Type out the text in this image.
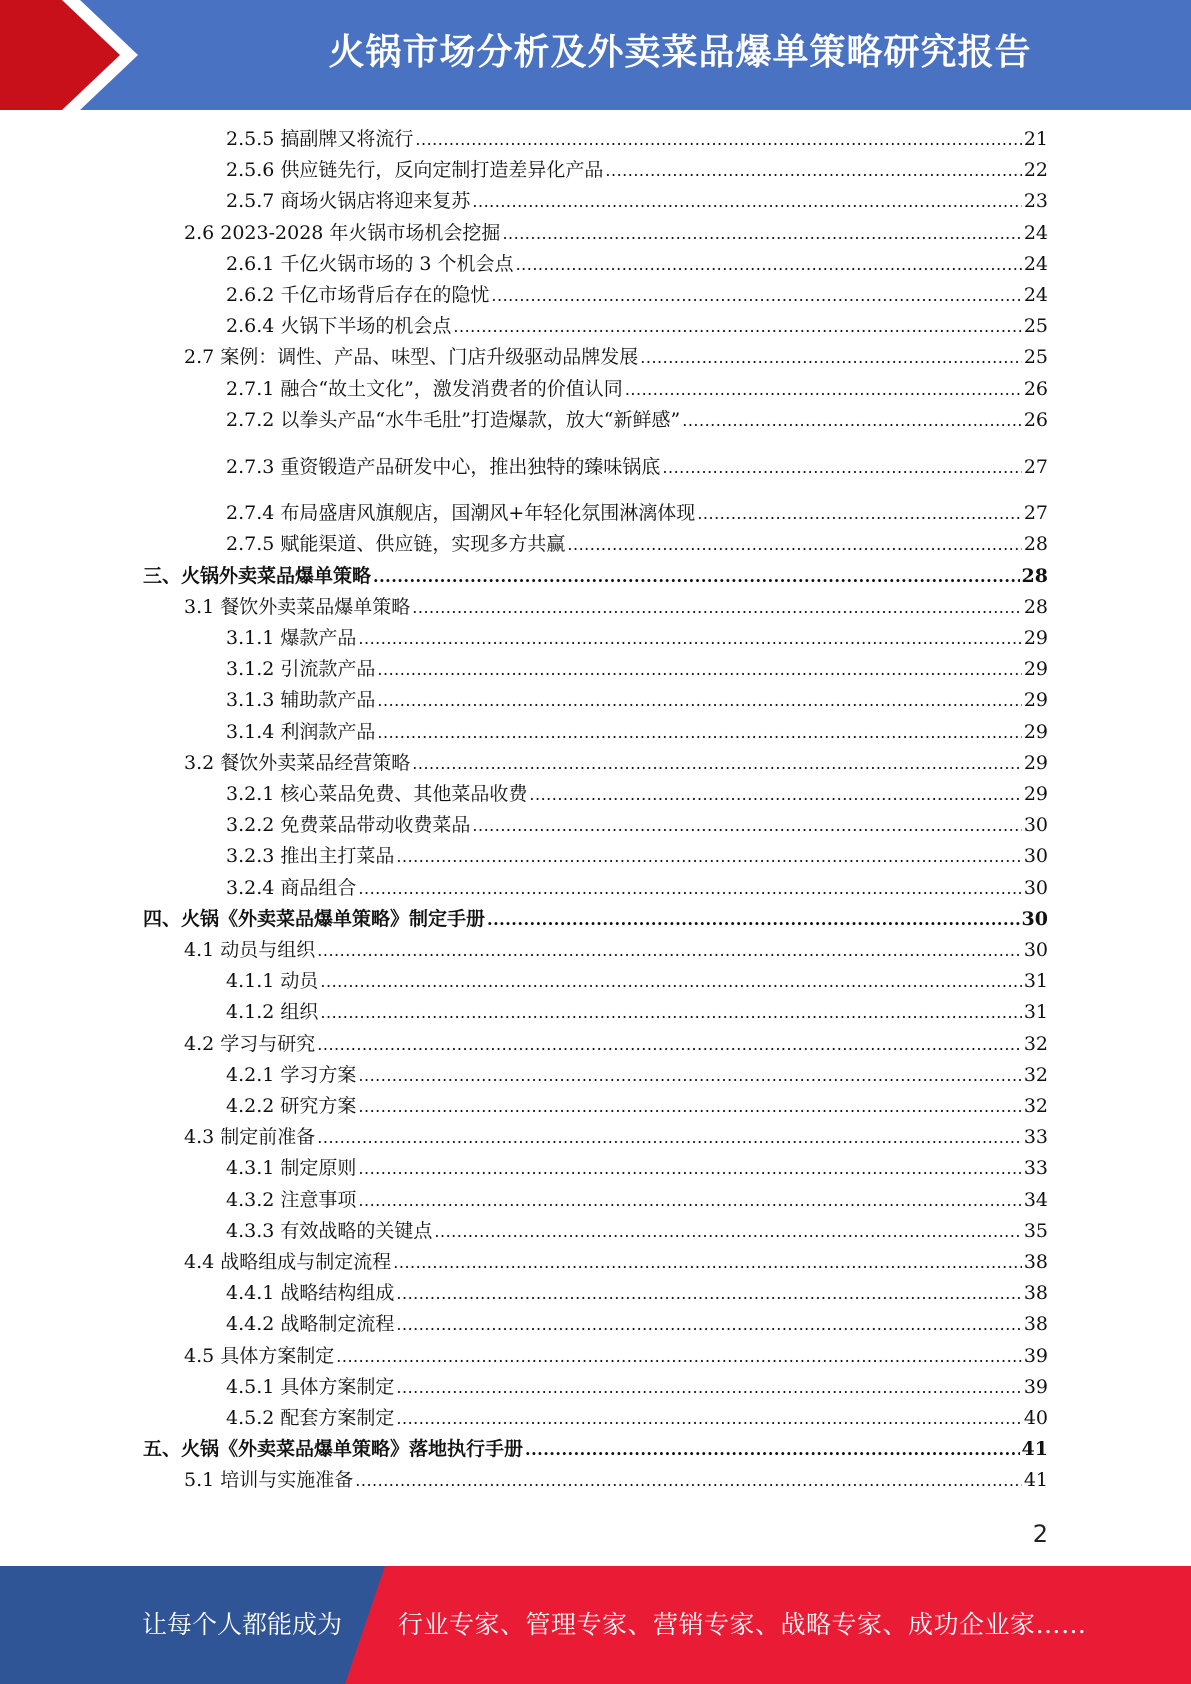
火锅市场分析及外卖菜品爆单策略研究报告
2.5.5 搞副牌又将流行 .....	21
2.5.6 供应链先行，反向定制打造差异化产品 .....	22
2.5.7 商场火锅店将迎来复苏 .....	23
2.6 2023-2028 年火锅市场机会挖掘 .....	24
2.6.1 千亿火锅市场的 3 个机会点 .....	24
2.6.2 千亿市场背后存在的隐忧 .....	24
2.6.4 火锅下半场的机会点 .....	25
2.7 案例：调性、产品、味型、门店升级驱动品牌发展 .....	25
2.7.1 融合“故土文化”，激发消费者的价值认同 .....	26
2.7.2 以拳头产品“水牛毛肚”打造爆款，放大“新鲜感” .....	26
2.7.3 重资锻造产品研发中心，推出独特的臻味锅底 .....	27
2.7.4 布局盛唐风旗舰店，国潮风+年轻化氛围淋漓体现 .....	27
2.7.5 赋能渠道、供应链，实现多方共赢 .....	28
三、火锅外卖菜品爆单策略 .....	28
3.1 餐饮外卖菜品爆单策略 .....	28
3.1.1 爆款产品 .....	29
3.1.2 引流款产品 .....	29
3.1.3 辅助款产品 .....	29
3.1.4 利润款产品 .....	29
3.2 餐饮外卖菜品经营策略 .....	29
3.2.1 核心菜品免费、其他菜品收费 .....	29
3.2.2 免费菜品带动收费菜品 .....	30
3.2.3 推出主打菜品 .....	30
3.2.4 商品组合 .....	30
四、火锅《外卖菜品爆单策略》制定手册 .....	30
4.1 动员与组织 .....	30
4.1.1 动员 .....	31
4.1.2 组织 .....	31
4.2 学习与研究 .....	32
4.2.1 学习方案 .....	32
4.2.2 研究方案 .....	32
4.3 制定前准备 .....	33
4.3.1 制定原则 .....	33
4.3.2 注意事项 .....	34
4.3.3 有效战略的关键点 .....	35
4.4 战略组成与制定流程 .....	38
4.4.1 战略结构组成 .....	38
4.4.2 战略制定流程 .....	38
4.5 具体方案制定 .....	39
4.5.1 具体方案制定 .....	39
4.5.2 配套方案制定 .....	40
五、火锅《外卖菜品爆单策略》落地执行手册 .....	41
5.1 培训与实施准备 .....	41
2
让每个人都能成为 行业专家、管理专家、营销专家、战略专家、成功企业家……
